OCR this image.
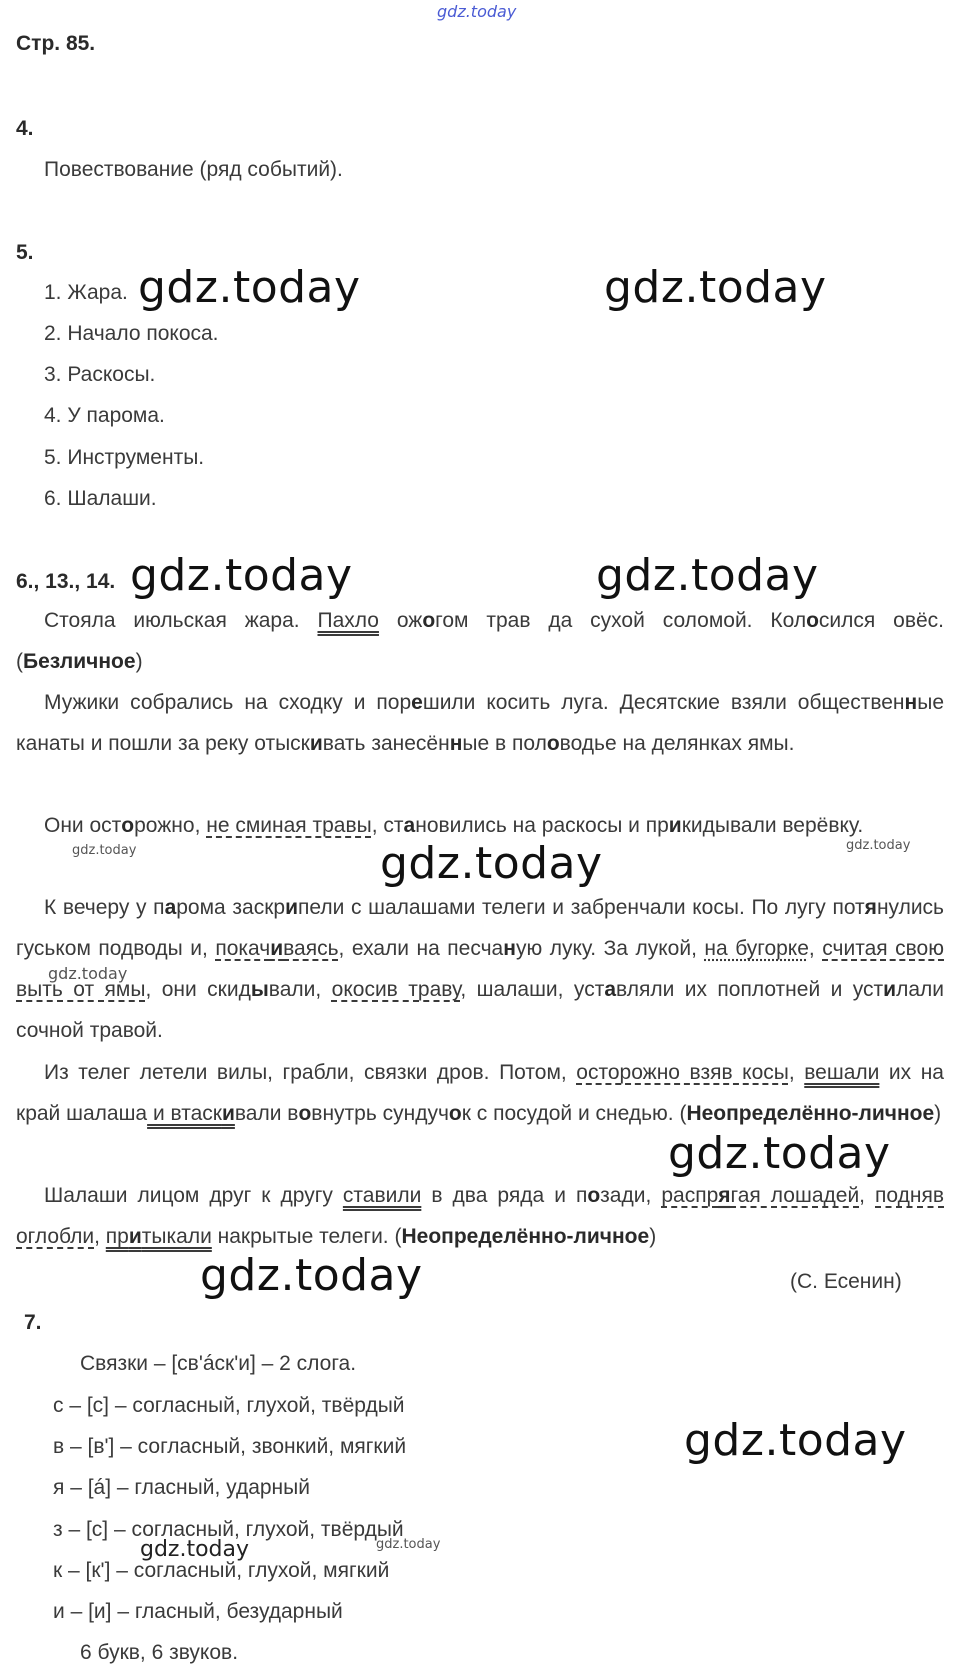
gdz.today
Стр. 85.
4.
Повествование (ряд событий).
5.
1. Жара.
2. Начало покоса.
3. Раскосы.
4. У парома.
5. Инструменты.
6. Шалаши.
6., 13., 14.
Стояла июльская жара. Пахло ожогом трав да сухой соломой. Колосился овёс. (Безличное)
Мужики собрались на сходку и порешили косить луга. Десятские взяли общественные канаты и пошли за реку отыскивать занесённые в половодье на делянках ямы.
Они осторожно, не сминая травы, становились на раскосы и прикидывали верёвку.
К вечеру у парома заскрипели с шалашами телеги и забренчали косы. По лугу потянулись гуськом подводы и, покачиваясь, ехали на песчаную луку. За лукой, на бугорке, считая свою выть от ямы, они скидывали, окосив траву, шалаши, уставляли их поплотней и устилали сочной травой.
Из телег летели вилы, грабли, связки дров. Потом, осторожно взяв косы, вешали их на край шалаша и втаскивали вовнутрь сундучок с посудой и снедью. (Неопределённо-личное)
Шалаши лицом друг к другу ставили в два ряда и позади, распрягая лошадей, подняв оглобли, притыкали накрытые телеги. (Неопределённо-личное)
(С. Есенин)
7.
Связки – [св'áск'и] – 2 слога.
с – [с] – согласный, глухой, твёрдый
в – [в'] – согласный, звонкий, мягкий
я – [á] – гласный, ударный
з – [с] – согласный, глухой, твёрдый
к – [к'] – согласный, глухой, мягкий
и – [и] – гласный, безударный
6 букв, 6 звуков.
gdz.today	gdz.today
gdz.today	gdz.today
gdz.today	gdz.today	gdz.today
gdz.today
gdz.today
gdz.today
gdz.today
gdz.today	gdz.today
